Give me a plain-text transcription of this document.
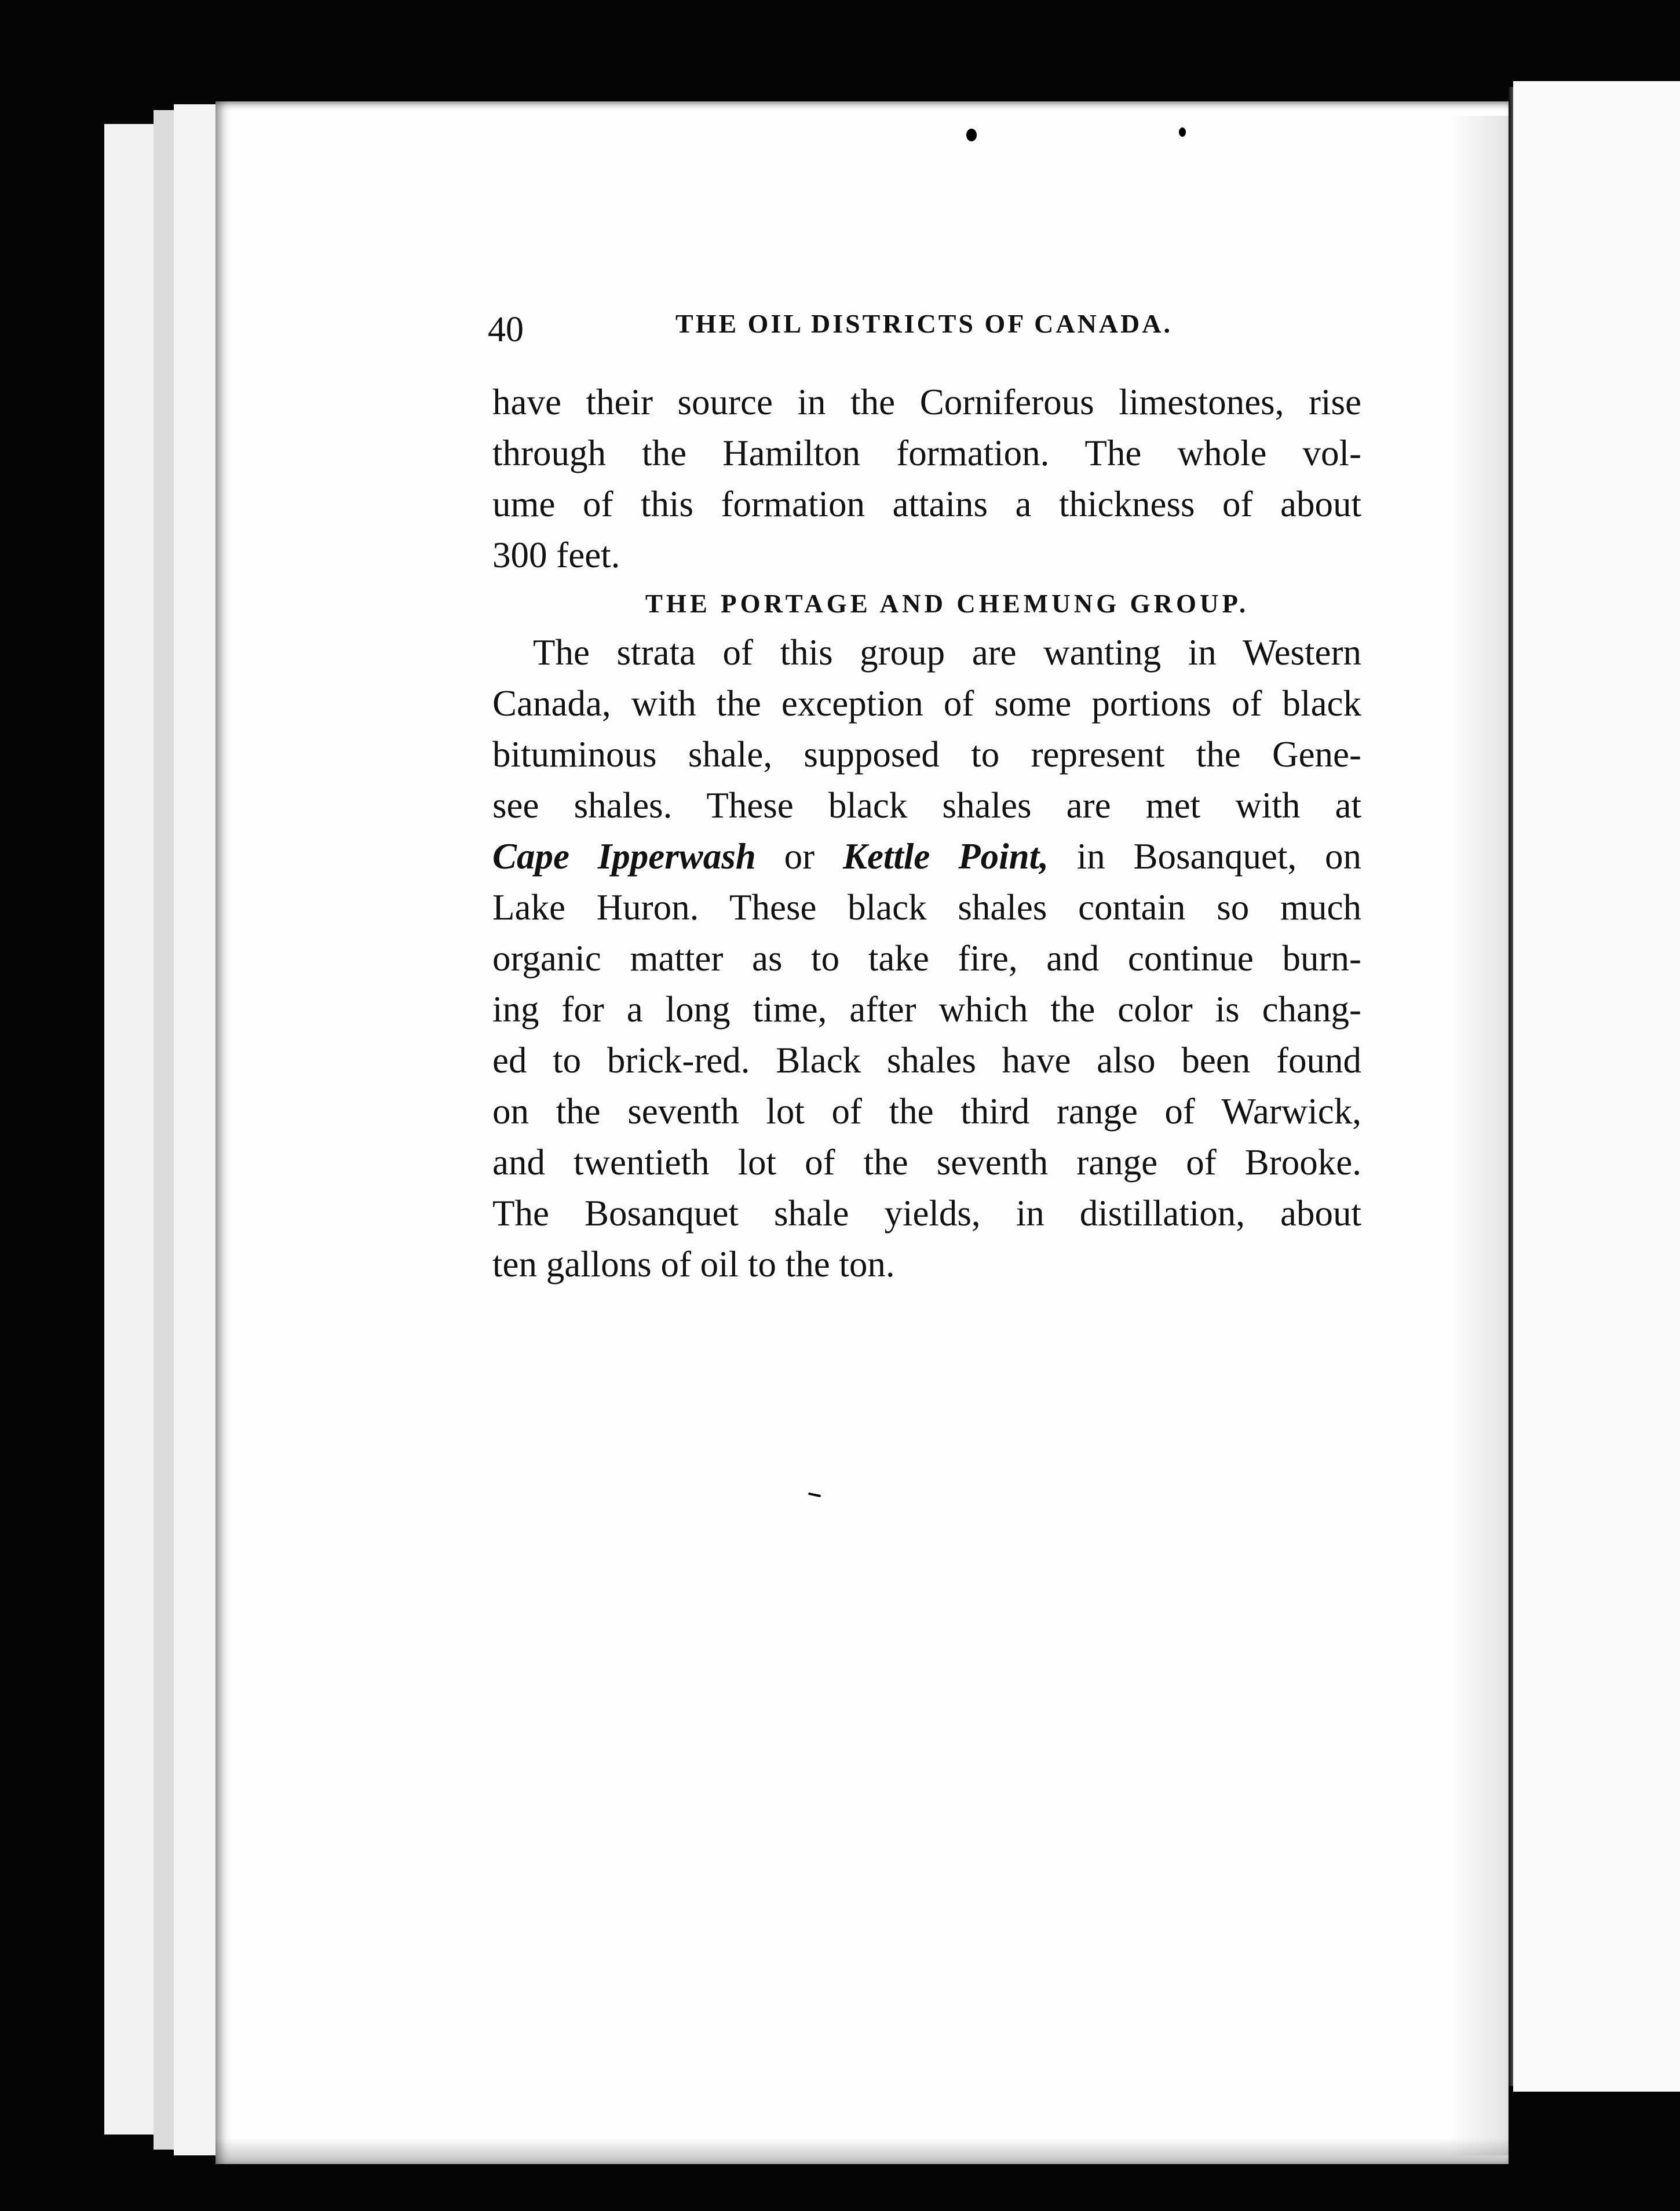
40	THE OIL DISTRICTS OF CANADA.
have their source in the Corniferous limestones, rise
through the Hamilton formation. The whole vol-
ume of this formation attains a thickness of about
300 feet.
THE PORTAGE AND CHEMUNG GROUP.
The strata of this group are wanting in Western
Canada, with the exception of some portions of black
bituminous shale, supposed to represent the Gene-
see shales. These black shales are met with at
Cape Ipperwash or Kettle Point, in Bosanquet, on
Lake Huron. These black shales contain so much
organic matter as to take fire, and continue burn-
ing for a long time, after which the color is chang-
ed to brick-red. Black shales have also been found
on the seventh lot of the third range of Warwick,
and twentieth lot of the seventh range of Brooke.
The Bosanquet shale yields, in distillation, about
ten gallons of oil to the ton.
